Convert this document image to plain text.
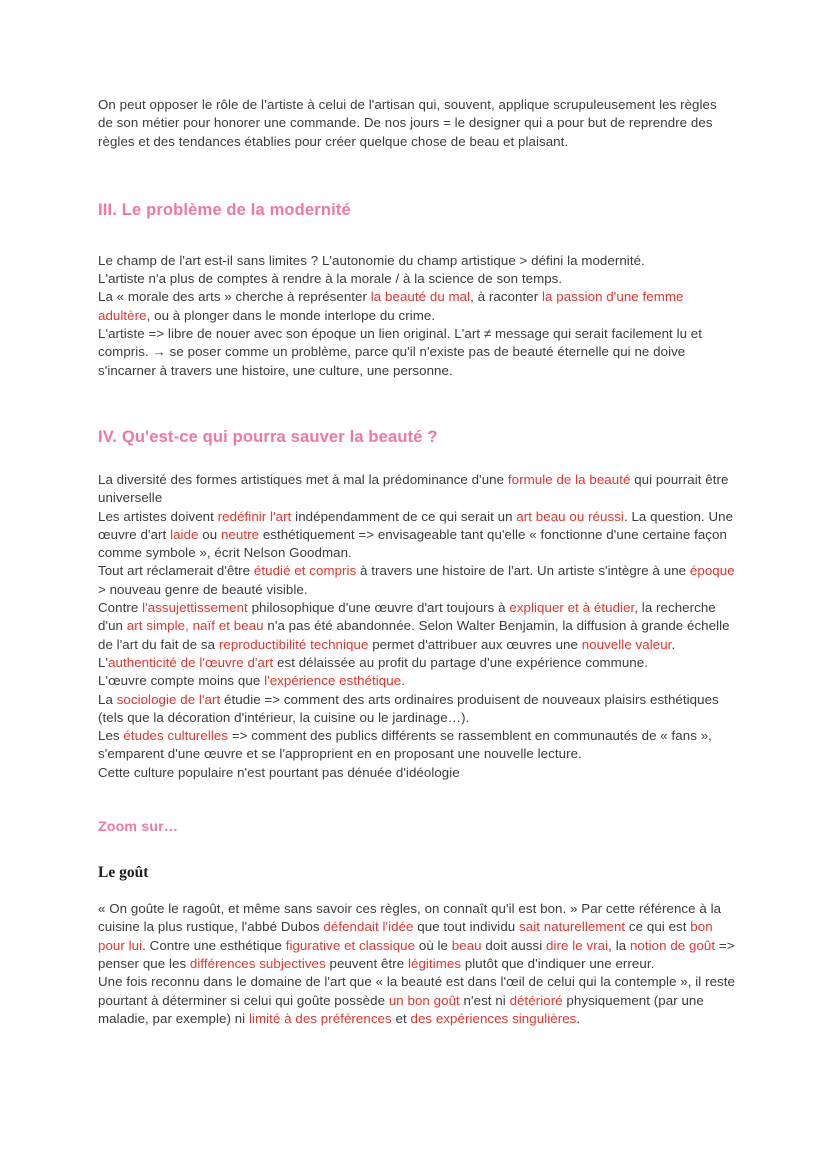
On peut opposer le rôle de l’artiste à celui de l'artisan qui, souvent, applique scrupuleusement les règles de son métier pour honorer une commande. De nos jours = le designer qui a pour but de reprendre des règles et des tendances établies pour créer quelque chose de beau et plaisant.

III. Le problème de la modernité

Le champ de l'art est-il sans limites ? L'autonomie du champ artistique > défini la modernité.
L'artiste n'a plus de comptes à rendre à la morale / à la science de son temps.
La « morale des arts » cherche à représenter la beauté du mal, à raconter la passion d'une femme adultère, ou à plonger dans le monde interlope du crime.
L'artiste => libre de nouer avec son époque un lien original. L'art ≠ message qui serait facilement lu et compris. → se poser comme un problème, parce qu'il n'existe pas de beauté éternelle qui ne doive s'incarner à travers une histoire, une culture, une personne.

IV. Qu'est-ce qui pourra sauver la beauté ?

La diversité des formes artistiques met à mal la prédominance d'une formule de la beauté qui pourrait être universelle
Les artistes doivent redéfinir l'art indépendamment de ce qui serait un art beau ou réussi. La question. Une œuvre d'art laide ou neutre esthétiquement => envisageable tant qu'elle « fonctionne d'une certaine façon comme symbole », écrit Nelson Goodman.
Tout art réclamerait d'être étudié et compris à travers une histoire de l'art. Un artiste s'intègre à une époque > nouveau genre de beauté visible.
Contre l'assujettissement philosophique d'une œuvre d'art toujours à expliquer et à étudier, la recherche d'un art simple, naïf et beau n'a pas été abandonnée. Selon Walter Benjamin, la diffusion à grande échelle de l'art du fait de sa reproductibilité technique permet d'attribuer aux œuvres une nouvelle valeur.
L'authenticité de l'œuvre d'art est délaissée au profit du partage d'une expérience commune.
L'œuvre compte moins que l'expérience esthétique.
La sociologie de l'art étudie => comment des arts ordinaires produisent de nouveaux plaisirs esthétiques (tels que la décoration d'intérieur, la cuisine ou le jardinage…).
Les études culturelles => comment des publics différents se rassemblent en communautés de « fans », s'emparent d'une œuvre et se l'approprient en en proposant une nouvelle lecture.
Cette culture populaire n'est pourtant pas dénuée d'idéologie

Zoom sur…
Le goût

« On goûte le ragoût, et même sans savoir ces règles, on connaît qu'il est bon. » Par cette référence à la cuisine la plus rustique, l'abbé Dubos défendait l'idée que tout individu sait naturellement ce qui est bon pour lui. Contre une esthétique figurative et classique où le beau doit aussi dire le vrai, la notion de goût => penser que les différences subjectives peuvent être légitimes plutôt que d'indiquer une erreur.
Une fois reconnu dans le domaine de l'art que « la beauté est dans l'œil de celui qui la contemple », il reste pourtant à déterminer si celui qui goûte possède un bon goût n'est ni détérioré physiquement (par une maladie, par exemple) ni limité à des préférences et des expériences singulières.
